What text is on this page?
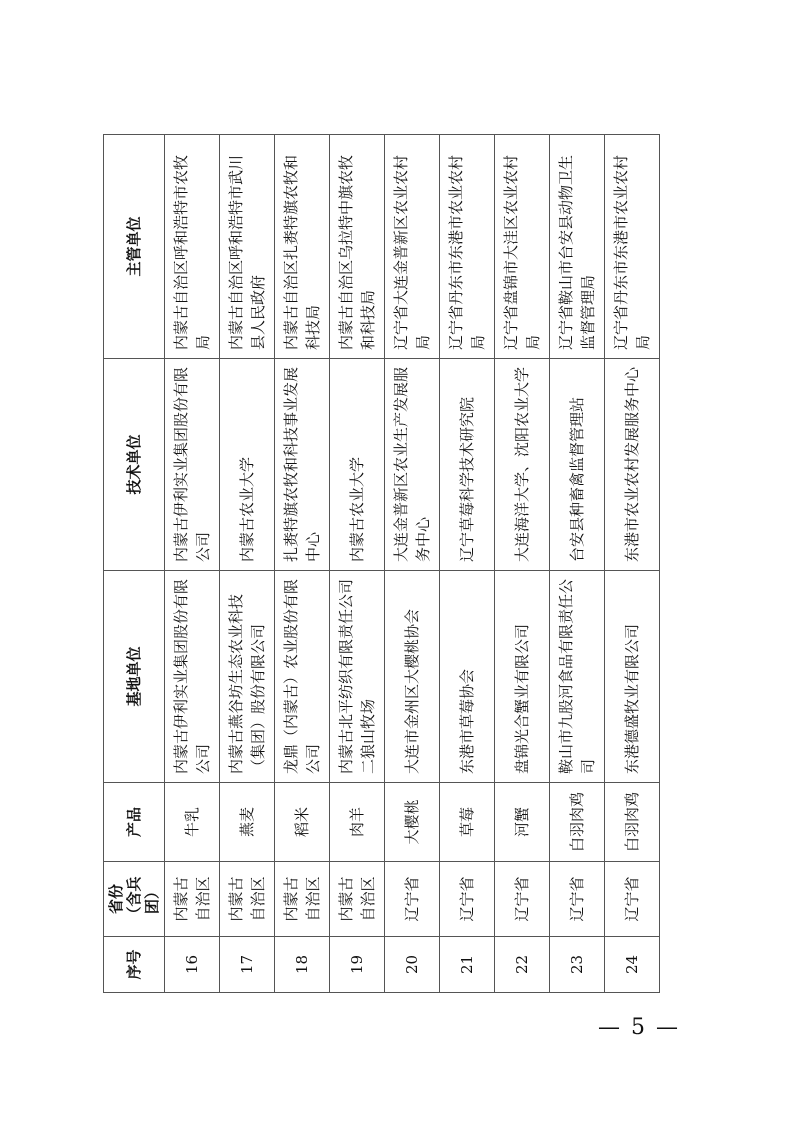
序号	省份（含兵团）	产品	基地单位	技术单位	主管单位
16	内蒙古自治区	牛乳	内蒙古伊利实业集团股份有限公司	内蒙古伊利实业集团股份有限公司	内蒙古自治区呼和浩特市农牧局
17	内蒙古自治区	燕麦	内蒙古燕谷坊生态农业科技（集团）股份有限公司	内蒙古农业大学	内蒙古自治区呼和浩特市武川县人民政府
18	内蒙古自治区	稻米	龙鼎（内蒙古）农业股份有限公司	扎赉特旗农牧和科技事业发展中心	内蒙古自治区扎赉特旗农牧和科技局
19	内蒙古自治区	肉羊	内蒙古北平纺织有限责任公司二狼山牧场	内蒙古农业大学	内蒙古自治区乌拉特中旗农牧和科技局
20	辽宁省	大樱桃	大连市金州区大樱桃协会	大连金普新区农业生产发展服务中心	辽宁省大连金普新区农业农村局
21	辽宁省	草莓	东港市草莓协会	辽宁草莓科学技术研究院	辽宁省丹东市东港市农业农村局
22	辽宁省	河蟹	盘锦光合蟹业有限公司	大连海洋大学、沈阳农业大学	辽宁省盘锦市大洼区农业农村局
23	辽宁省	白羽肉鸡	鞍山市九股河食品有限责任公司	台安县种畜禽监督管理站	辽宁省鞍山市台安县动物卫生监督管理局
24	辽宁省	白羽肉鸡	东港德盛牧业有限公司	东港市农业农村发展服务中心	辽宁省丹东市东港市农业农村局
— 5 —
